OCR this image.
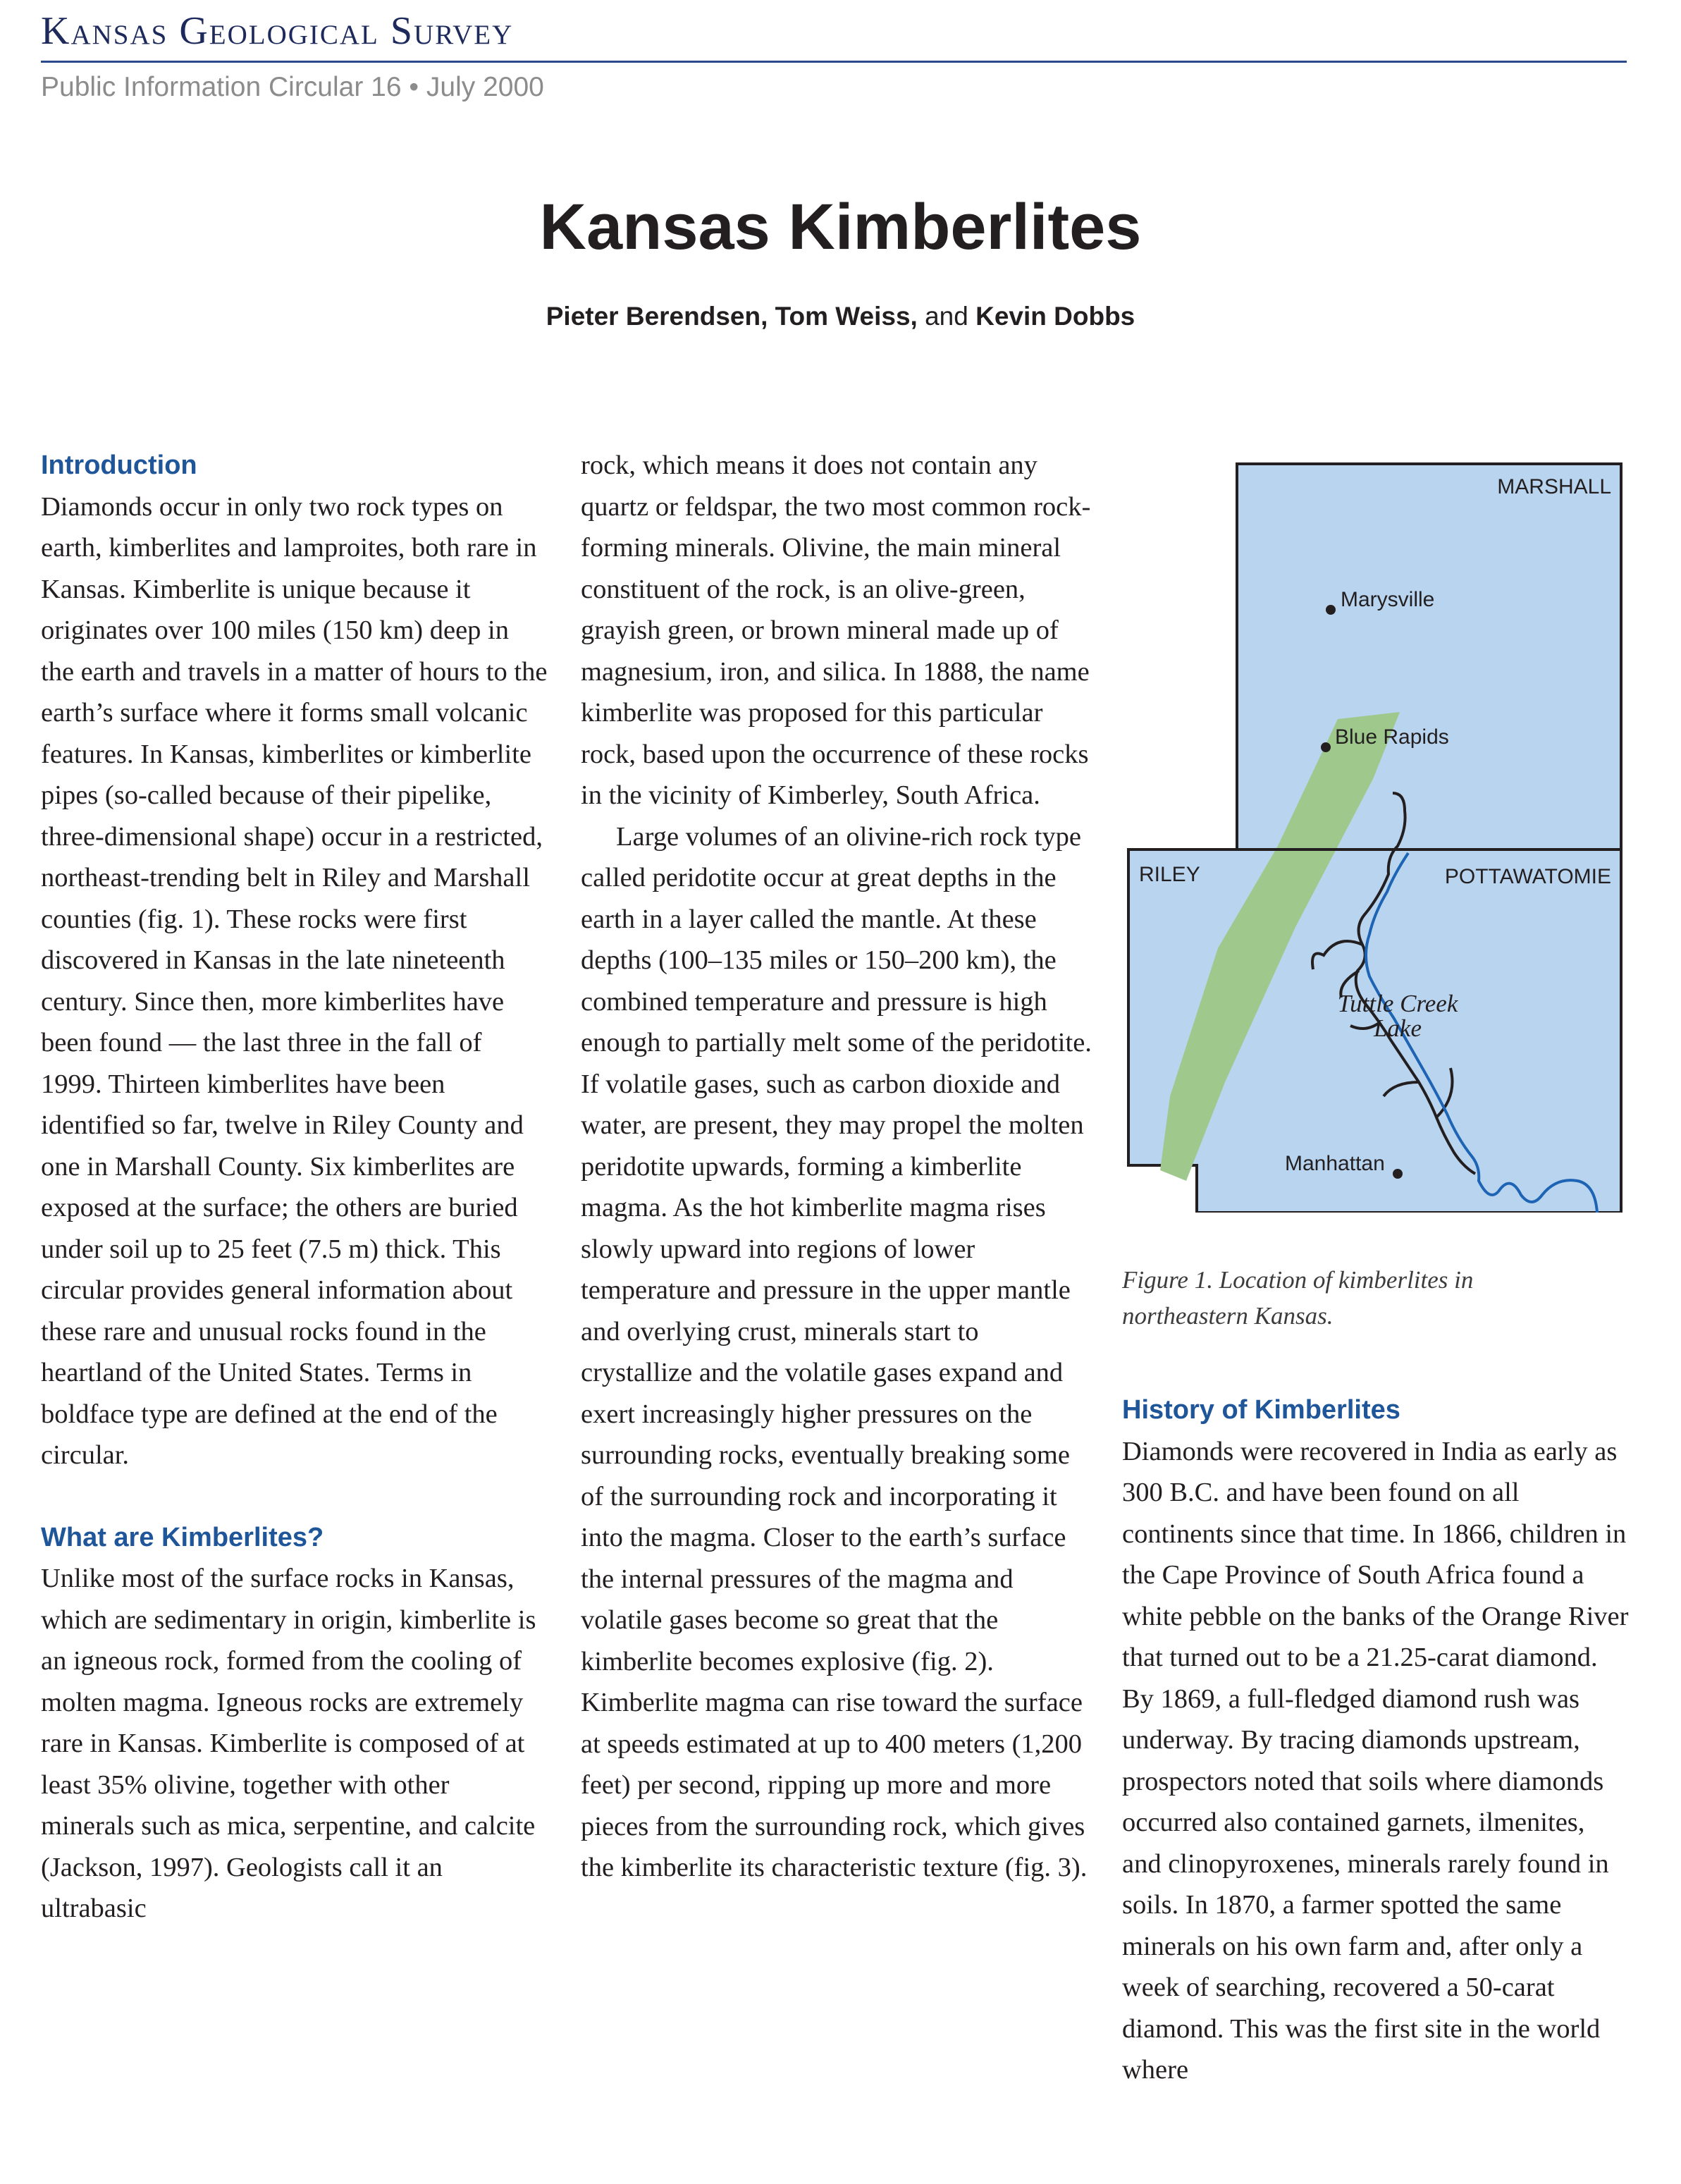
Kansas Geological Survey
Public Information Circular 16 • July 2000
Kansas Kimberlites
Pieter Berendsen, Tom Weiss, and Kevin Dobbs
Introduction

Diamonds occur in only two rock types on earth, kimberlites and lamproites, both rare in Kansas. Kimberlite is unique because it originates over 100 miles (150 km) deep in the earth and travels in a matter of hours to the earth’s surface where it forms small volcanic features. In Kansas, kimberlites or kimberlite pipes (so-called because of their pipelike, three-dimensional shape) occur in a restricted, northeast-trending belt in Riley and Marshall counties (fig. 1). These rocks were first discovered in Kansas in the late nineteenth century. Since then, more kimberlites have been found — the last three in the fall of 1999. Thirteen kimberlites have been identified so far, twelve in Riley County and one in Marshall County. Six kimberlites are exposed at the surface; the others are buried under soil up to 25 feet (7.5 m) thick. This circular provides general information about these rare and unusual rocks found in the heartland of the United States. Terms in boldface type are defined at the end of the circular.

What are Kimberlites?

Unlike most of the surface rocks in Kansas, which are sedimentary in origin, kimberlite is an igneous rock, formed from the cooling of molten magma. Igneous rocks are extremely rare in Kansas. Kimberlite is composed of at least 35% olivine, together with other minerals such as mica, serpentine, and calcite (Jackson, 1997). Geologists call it an ultrabasic

rock, which means it does not contain any quartz or feldspar, the two most common rock-forming minerals. Olivine, the main mineral constituent of the rock, is an olive-green, grayish green, or brown mineral made up of magnesium, iron, and silica. In 1888, the name kimberlite was proposed for this particular rock, based upon the occurrence of these rocks in the vicinity of Kimberley, South Africa.

Large volumes of an olivine-rich rock type called peridotite occur at great depths in the earth in a layer called the mantle. At these depths (100–135 miles or 150–200 km), the combined temperature and pressure is high enough to partially melt some of the peridotite. If volatile gases, such as carbon dioxide and water, are present, they may propel the molten peridotite upwards, forming a kimberlite magma. As the hot kimberlite magma rises slowly upward into regions of lower temperature and pressure in the upper mantle and overlying crust, minerals start to crystallize and the volatile gases expand and exert increasingly higher pressures on the surrounding rocks, eventually breaking some of the surrounding rock and incorporating it into the magma. Closer to the earth’s surface the internal pressures of the magma and volatile gases become so great that the kimberlite becomes explosive (fig. 2). Kimberlite magma can rise toward the surface at speeds estimated at up to 400 meters (1,200 feet) per second, ripping up more and more pieces from the surrounding rock, which gives the kimberlite its characteristic texture (fig. 3).

MARSHALL
RILEY	POTTAWATOMIE
Marysville
Blue Rapids
Manhattan
Tuttle Creek
Lake
Figure 1. Location of kimberlites in northeastern Kansas.
History of Kimberlites

Diamonds were recovered in India as early as 300 B.C. and have been found on all continents since that time. In 1866, children in the Cape Province of South Africa found a white pebble on the banks of the Orange River that turned out to be a 21.25-carat diamond. By 1869, a full-fledged diamond rush was underway. By tracing diamonds upstream, prospectors noted that soils where diamonds occurred also contained garnets, ilmenites, and clinopyroxenes, minerals rarely found in soils. In 1870, a farmer spotted the same minerals on his own farm and, after only a week of searching, recovered a 50-carat diamond. This was the first site in the world where
